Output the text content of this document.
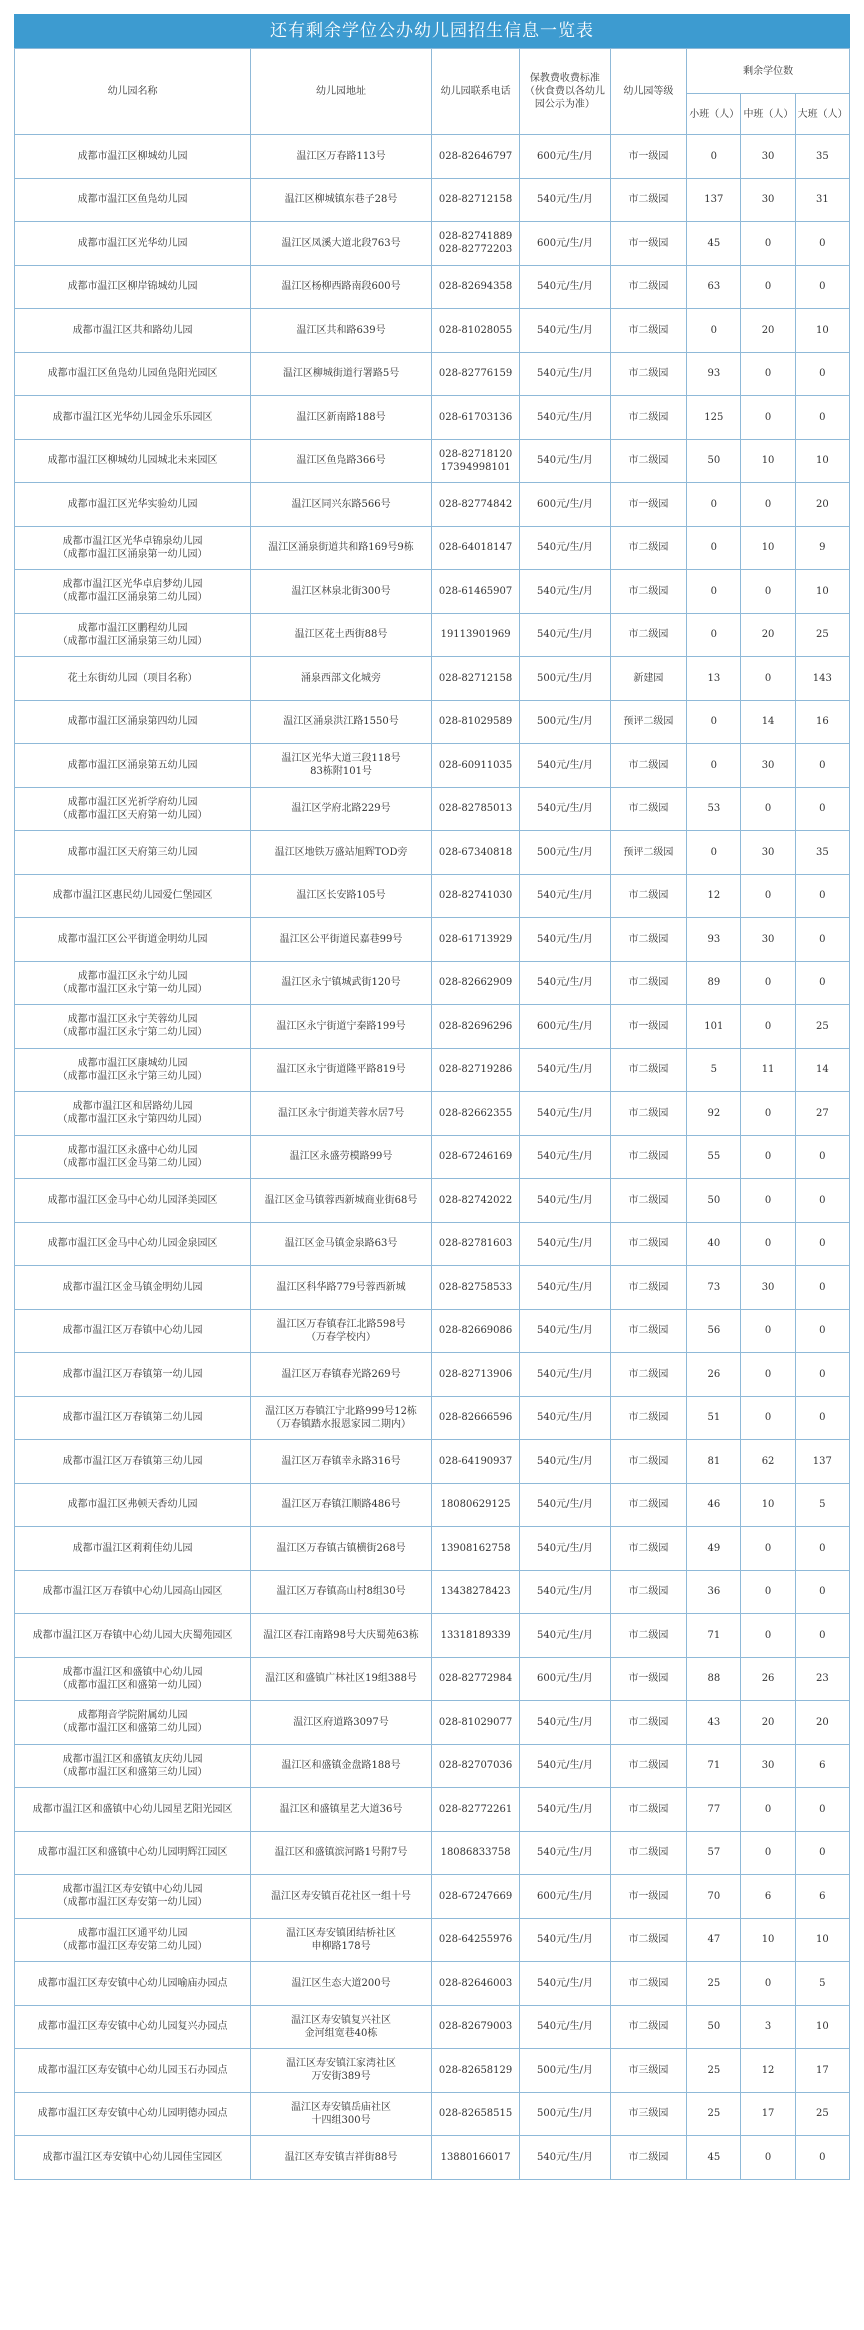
还有剩余学位公办幼儿园招生信息一览表
幼儿园名称	幼儿园地址	幼儿园联系电话	保教费收费标准（伙食费以各幼儿园公示为准）	幼儿园等级	剩余学位数		
					小班（人）	中班（人）	大班（人）
成都市温江区柳城幼儿园	温江区万春路113号	028-82646797	600元/生/月	市一级园	0	30	35
成都市温江区鱼凫幼儿园	温江区柳城镇东巷子28号	028-82712158	540元/生/月	市二级园	137	30	31
成都市温江区光华幼儿园	温江区凤溪大道北段763号	028-82741889
028-82772203	600元/生/月	市一级园	45	0	0
成都市温江区柳岸锦城幼儿园	温江区杨柳西路南段600号	028-82694358	540元/生/月	市二级园	63	0	0
成都市温江区共和路幼儿园	温江区共和路639号	028-81028055	540元/生/月	市二级园	0	20	10
成都市温江区鱼凫幼儿园鱼凫阳光园区	温江区柳城街道行署路5号	028-82776159	540元/生/月	市二级园	93	0	0
成都市温江区光华幼儿园金乐乐园区	温江区新南路188号	028-61703136	540元/生/月	市二级园	125	0	0
成都市温江区柳城幼儿园城北未来园区	温江区鱼凫路366号	028-82718120
17394998101	540元/生/月	市二级园	50	10	10
成都市温江区光华实验幼儿园	温江区同兴东路566号	028-82774842	600元/生/月	市一级园	0	0	20
成都市温江区光华卓锦泉幼儿园
（成都市温江区涌泉第一幼儿园）	温江区涌泉街道共和路169号9栋	028-64018147	540元/生/月	市二级园	0	10	9
成都市温江区光华卓启梦幼儿园
（成都市温江区涌泉第二幼儿园）	温江区林泉北街300号	028-61465907	540元/生/月	市二级园	0	0	10
成都市温江区鹏程幼儿园
（成都市温江区涌泉第三幼儿园）	温江区花土西街88号	19113901969	540元/生/月	市二级园	0	20	25
花土东街幼儿园（项目名称）	涌泉西部文化城旁	028-82712158	500元/生/月	新建园	13	0	143
成都市温江区涌泉第四幼儿园	温江区涌泉洪江路1550号	028-81029589	500元/生/月	预评二级园	0	14	16
成都市温江区涌泉第五幼儿园	温江区光华大道三段118号
83栋附101号	028-60911035	540元/生/月	市二级园	0	30	0
成都市温江区光祈学府幼儿园
（成都市温江区天府第一幼儿园）	温江区学府北路229号	028-82785013	540元/生/月	市二级园	53	0	0
成都市温江区天府第三幼儿园	温江区地铁万盛站旭辉TOD旁	028-67340818	500元/生/月	预评二级园	0	30	35
成都市温江区惠民幼儿园爱仁堡园区	温江区长安路105号	028-82741030	540元/生/月	市二级园	12	0	0
成都市温江区公平街道金明幼儿园	温江区公平街道民嘉巷99号	028-61713929	540元/生/月	市二级园	93	30	0
成都市温江区永宁幼儿园
（成都市温江区永宁第一幼儿园）	温江区永宁镇城武街120号	028-82662909	540元/生/月	市二级园	89	0	0
成都市温江区永宁芙蓉幼儿园
（成都市温江区永宁第二幼儿园）	温江区永宁街道宁秦路199号	028-82696296	600元/生/月	市一级园	101	0	25
成都市温江区康城幼儿园
（成都市温江区永宁第三幼儿园）	温江区永宁街道隆平路819号	028-82719286	540元/生/月	市二级园	5	11	14
成都市温江区和居路幼儿园
（成都市温江区永宁第四幼儿园）	温江区永宁街道芙蓉水居7号	028-82662355	540元/生/月	市二级园	92	0	27
成都市温江区永盛中心幼儿园
（成都市温江区金马第二幼儿园）	温江区永盛劳模路99号	028-67246169	540元/生/月	市二级园	55	0	0
成都市温江区金马中心幼儿园泽美园区	温江区金马镇蓉西新城商业街68号	028-82742022	540元/生/月	市二级园	50	0	0
成都市温江区金马中心幼儿园金泉园区	温江区金马镇金泉路63号	028-82781603	540元/生/月	市二级园	40	0	0
成都市温江区金马镇金明幼儿园	温江区科华路779号蓉西新城	028-82758533	540元/生/月	市二级园	73	30	0
成都市温江区万春镇中心幼儿园	温江区万春镇春江北路598号
（万春学校内）	028-82669086	540元/生/月	市二级园	56	0	0
成都市温江区万春镇第一幼儿园	温江区万春镇春光路269号	028-82713906	540元/生/月	市二级园	26	0	0
成都市温江区万春镇第二幼儿园	温江区万春镇江宁北路999号12栋
（万春镇踏水报恩家园二期内）	028-82666596	540元/生/月	市二级园	51	0	0
成都市温江区万春镇第三幼儿园	温江区万春镇幸永路316号	028-64190937	540元/生/月	市二级园	81	62	137
成都市温江区弗顿天香幼儿园	温江区万春镇江顺路486号	18080629125	540元/生/月	市二级园	46	10	5
成都市温江区莉莉佳幼儿园	温江区万春镇古镇横街268号	13908162758	540元/生/月	市二级园	49	0	0
成都市温江区万春镇中心幼儿园高山园区	温江区万春镇高山村8组30号	13438278423	540元/生/月	市二级园	36	0	0
成都市温江区万春镇中心幼儿园大庆蜀苑园区	温江区春江南路98号大庆蜀苑63栋	13318189339	540元/生/月	市二级园	71	0	0
成都市温江区和盛镇中心幼儿园
（成都市温江区和盛第一幼儿园）	温江区和盛镇广林社区19组388号	028-82772984	600元/生/月	市一级园	88	26	23
成都翔音学院附属幼儿园
（成都市温江区和盛第二幼儿园）	温江区府道路3097号	028-81029077	540元/生/月	市二级园	43	20	20
成都市温江区和盛镇友庆幼儿园
（成都市温江区和盛第三幼儿园）	温江区和盛镇金盘路188号	028-82707036	540元/生/月	市二级园	71	30	6
成都市温江区和盛镇中心幼儿园星艺阳光园区	温江区和盛镇星艺大道36号	028-82772261	540元/生/月	市二级园	77	0	0
成都市温江区和盛镇中心幼儿园明辉江园区	温江区和盛镇滨河路1号附7号	18086833758	540元/生/月	市二级园	57	0	0
成都市温江区寿安镇中心幼儿园
（成都市温江区寿安第一幼儿园）	温江区寿安镇百花社区一组十号	028-67247669	600元/生/月	市一级园	70	6	6
成都市温江区通平幼儿园
（成都市温江区寿安第二幼儿园）	温江区寿安镇团结桥社区
申柳路178号	028-64255976	540元/生/月	市二级园	47	10	10
成都市温江区寿安镇中心幼儿园喻庙办园点	温江区生态大道200号	028-82646003	540元/生/月	市二级园	25	0	5
成都市温江区寿安镇中心幼儿园复兴办园点	温江区寿安镇复兴社区
金河组宽巷40栋	028-82679003	540元/生/月	市二级园	50	3	10
成都市温江区寿安镇中心幼儿园玉石办园点	温江区寿安镇江家湾社区
万安街389号	028-82658129	500元/生/月	市三级园	25	12	17
成都市温江区寿安镇中心幼儿园明德办园点	温江区寿安镇岳庙社区
十四组300号	028-82658515	500元/生/月	市三级园	25	17	25
成都市温江区寿安镇中心幼儿园佳宝园区	温江区寿安镇吉祥街88号	13880166017	540元/生/月	市二级园	45	0	0
